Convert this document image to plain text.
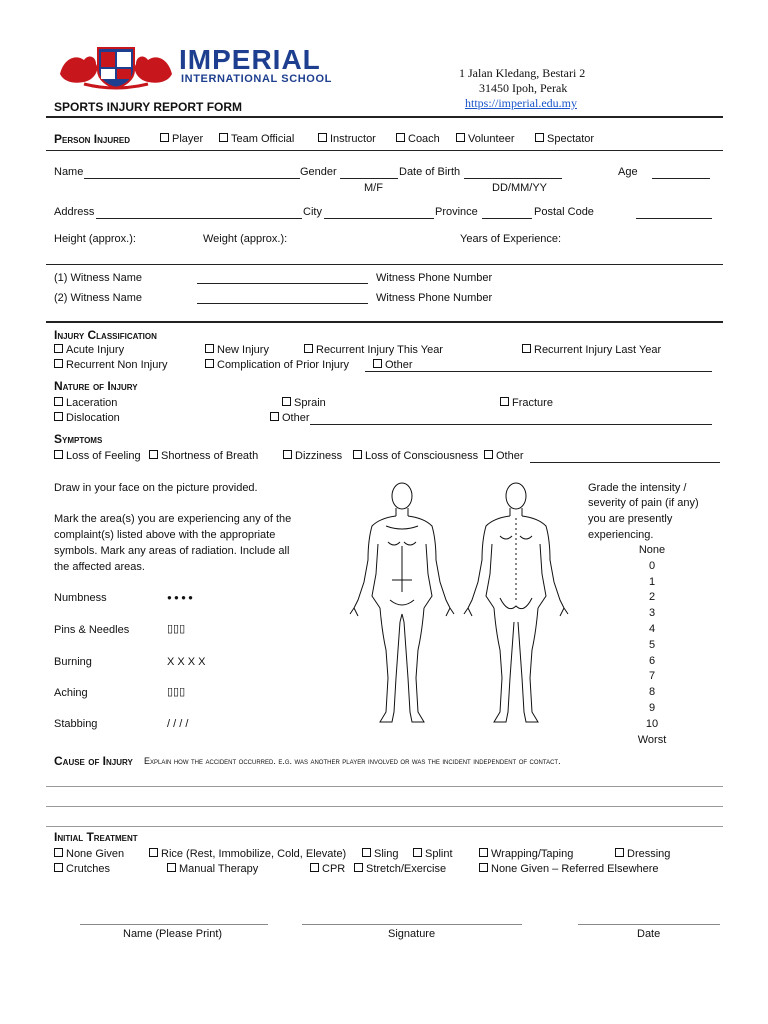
IMPERIAL
INTERNATIONAL SCHOOL	1 Jalan Kledang, Bestari 2
31450 Ipoh, Perak
https://imperial.edu.my
SPORTS INJURY REPORT FORM
Person Injured	Player	Team Official	Instructor	Coach	Volunteer	Spectator
Name	Gender	Date of Birth	Age
M/F	DD/MM/YY
Address	City	Province	Postal Code
Height (approx.):	Weight (approx.):	Years of Experience:
(1) Witness Name	Witness Phone Number
(2) Witness Name	Witness Phone Number
Injury Classification
Acute Injury	New Injury	Recurrent Injury This Year	Recurrent Injury Last Year
Recurrent Non Injury	Complication of Prior Injury	Other
Nature of Injury
Laceration	Sprain	Fracture
Dislocation	Other
Symptoms
Loss of Feeling	Shortness of Breath	Dizziness	Loss of Consciousness	Other
Draw in your face on the picture provided.
Mark the area(s) you are experiencing any of the
complaint(s) listed above with the appropriate
symbols. Mark any areas of radiation. Include all
the affected areas.
Numbness	● ● ● ●
Pins & Needles	▯▯▯
Burning	X X X X
Aching	▯▯▯
Stabbing	/ / / /
Grade the intensity /
severity of pain (if any)
you are presently
experiencing.
None
0
1
2
3
4
5
6
7
8
9
10
Worst
Cause of Injury Explain how the accident occurred. e.g. was another player involved or was the incident independent of contact.
Initial Treatment
None Given	Rice (Rest, Immobilize, Cold, Elevate)	Sling	Splint	Wrapping/Taping	Dressing
Crutches	Manual Therapy	CPR	Stretch/Exercise	None Given – Referred Elsewhere
Name (Please Print)	Signature	Date
